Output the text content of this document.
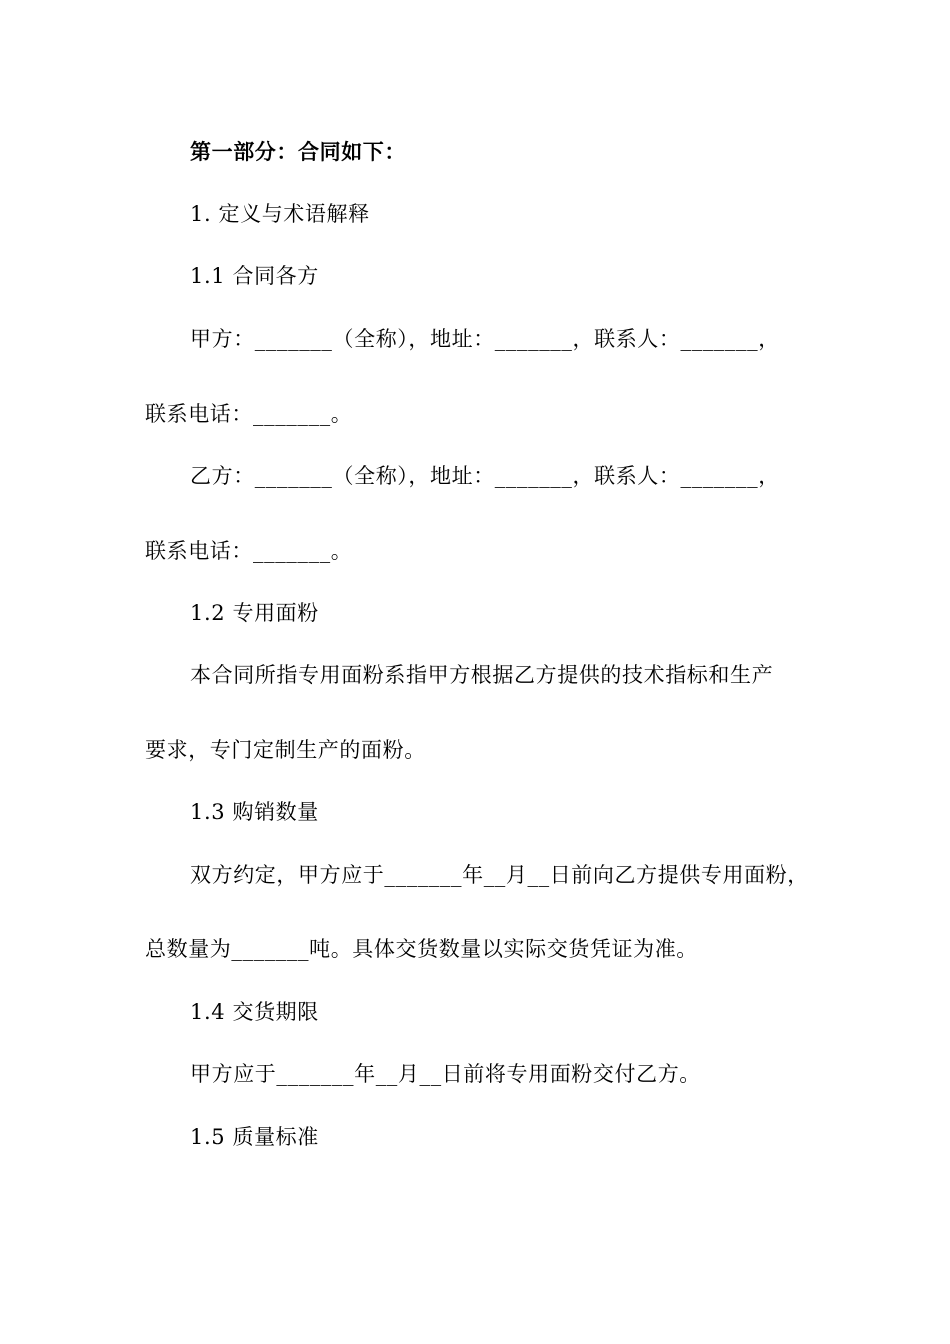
第一部分：合同如下：
1. 定义与术语解释
1.1 合同各方
甲方：_______（全称），地址：_______，联系人：_______，
联系电话：_______。
乙方：_______（全称），地址：_______，联系人：_______，
联系电话：_______。
1.2 专用面粉
本合同所指专用面粉系指甲方根据乙方提供的技术指标和生产
要求，专门定制生产的面粉。
1.3 购销数量
双方约定，甲方应于_______年__月__日前向乙方提供专用面粉，
总数量为_______吨。具体交货数量以实际交货凭证为准。
1.4 交货期限
甲方应于_______年__月__日前将专用面粉交付乙方。
1.5 质量标准
